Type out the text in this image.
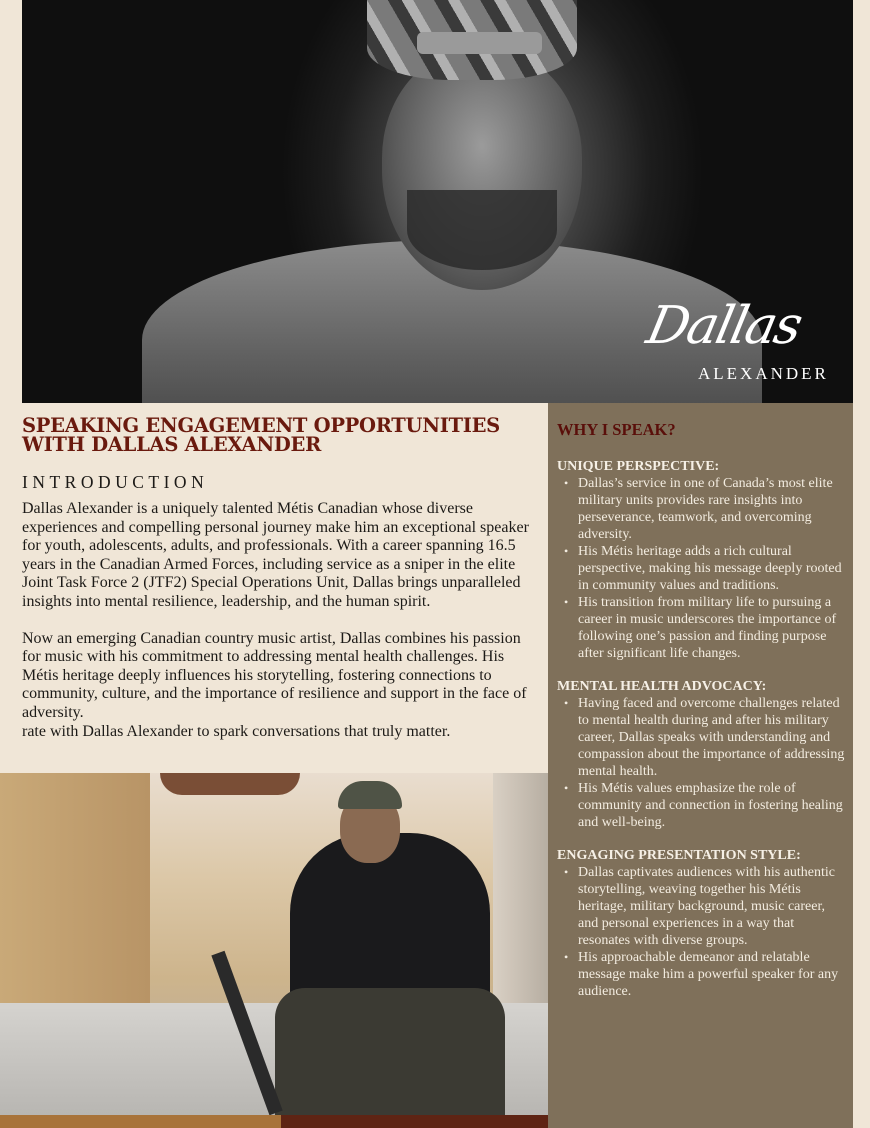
Dallas
ALEXANDER
SPEAKING ENGAGEMENT OPPORTUNITIES WITH DALLAS ALEXANDER
INTRODUCTION

Dallas Alexander is a uniquely talented Métis Canadian whose diverse experiences and compelling personal journey make him an exceptional speaker for youth, adolescents, adults, and professionals. With a career spanning 16.5 years in the Canadian Armed Forces, including service as a sniper in the elite Joint Task Force 2 (JTF2) Special Operations Unit, Dallas brings unparalleled insights into mental resilience, leadership, and the human spirit.

Now an emerging Canadian country music artist, Dallas combines his passion for music with his commitment to addressing mental health challenges. His Métis heritage deeply influences his storytelling, fostering connections to community, culture, and the importance of resilience and support in the face of adversity.

rate with Dallas Alexander to spark conversations that truly matter.

WHY I SPEAK?
UNIQUE PERSPECTIVE:
• Dallas’s service in one of Canada’s most elite military units provides rare insights into perseverance, teamwork, and overcoming adversity.
• His Métis heritage adds a rich cultural perspective, making his message deeply rooted in community values and traditions.
• His transition from military life to pursuing a career in music underscores the importance of following one’s passion and finding purpose after significant life changes.
MENTAL HEALTH ADVOCACY:
• Having faced and overcome challenges related to mental health during and after his military career, Dallas speaks with understanding and compassion about the importance of addressing mental health.
• His Métis values emphasize the role of community and connection in fostering healing and well-being.
ENGAGING PRESENTATION STYLE:
• Dallas captivates audiences with his authentic storytelling, weaving together his Métis heritage, military background, music career, and personal experiences in a way that resonates with diverse groups.
• His approachable demeanor and relatable message make him a powerful speaker for any audience.
